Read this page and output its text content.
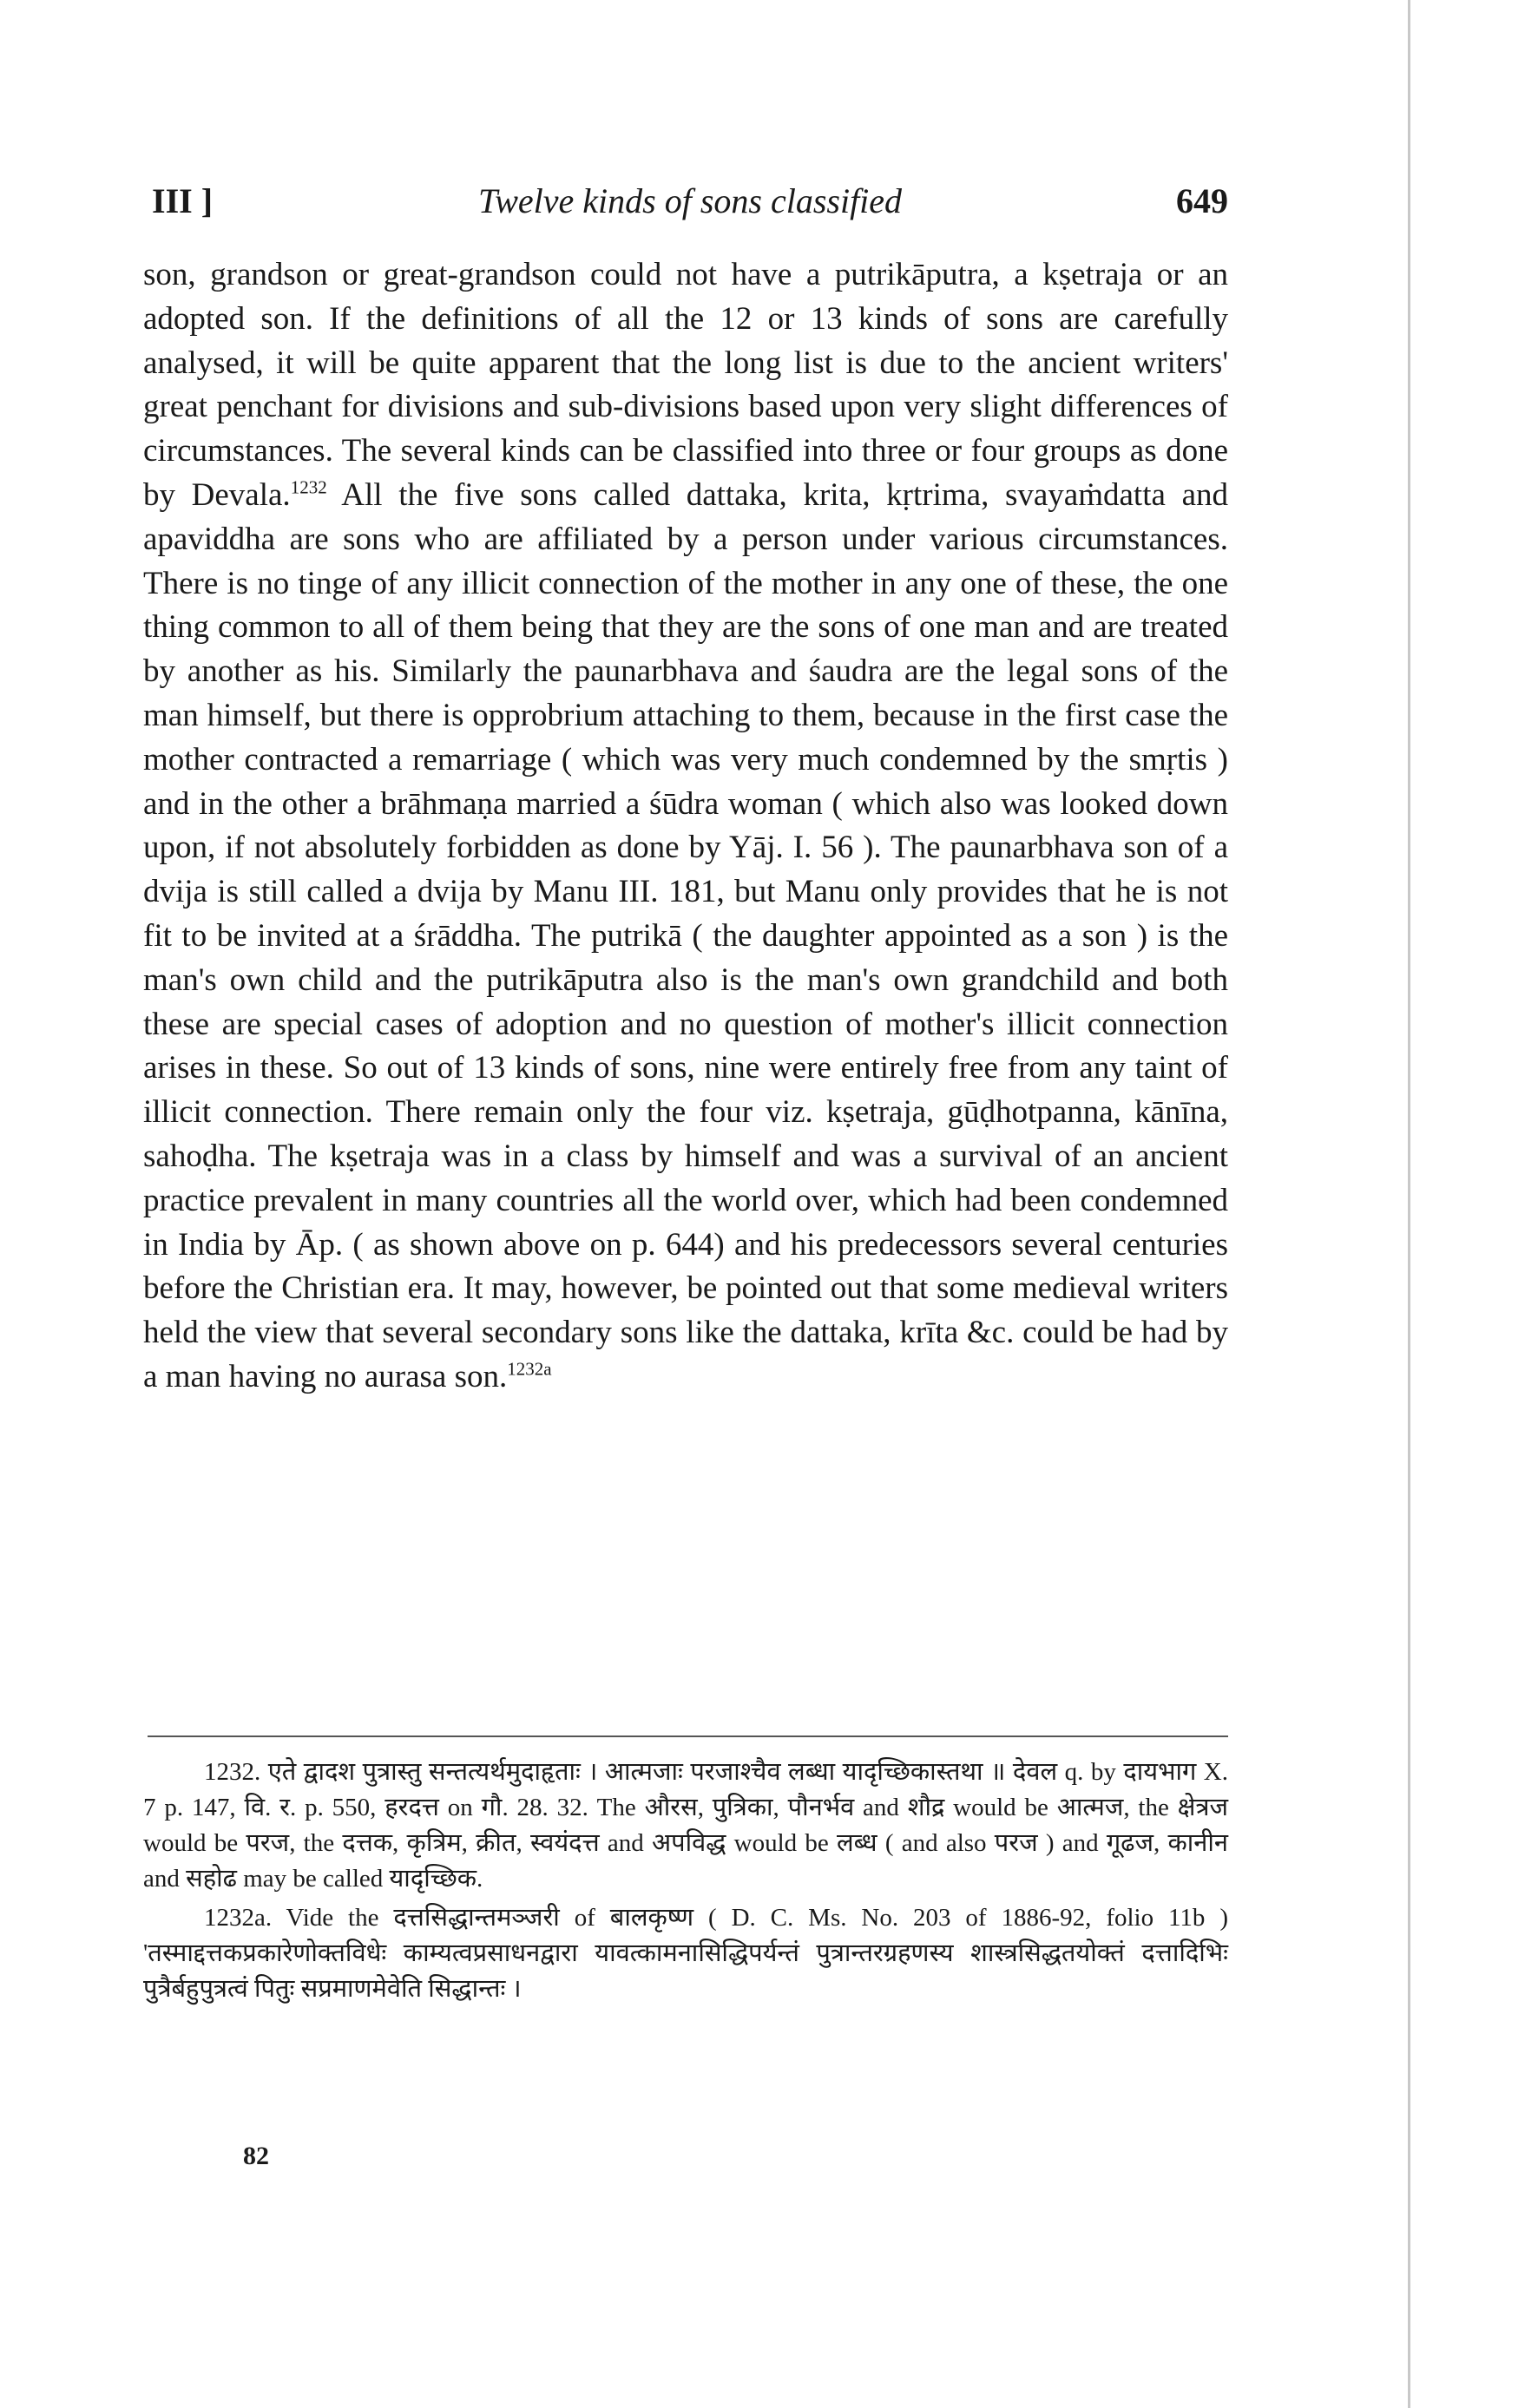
III ]	Twelve kinds of sons classified	649

son, grandson or great-grandson could not have a putrikāputra, a kṣetraja or an adopted son. If the definitions of all the 12 or 13 kinds of sons are carefully analysed, it will be quite apparent that the long list is due to the ancient writers' great penchant for divisions and sub-divisions based upon very slight differences of circumstances. The several kinds can be classified into three or four groups as done by Devala.$^{1232}$ All the five sons called dattaka, krita, kṛtrima, svayaṁdatta and apaviddha are sons who are affiliated by a person under various circumstances. There is no tinge of any illicit connection of the mother in any one of these, the one thing common to all of them being that they are the sons of one man and are treated by another as his. Similarly the paunarbhava and śaudra are the legal sons of the man himself, but there is opprobrium attaching to them, because in the first case the mother contracted a remarriage ( which was very much condemned by the smṛtis ) and in the other a brāhmaṇa married a śūdra woman ( which also was looked down upon, if not absolutely forbidden as done by Yāj. I. 56 ). The paunarbhava son of a dvija is still called a dvija by Manu III. 181, but Manu only provides that he is not fit to be invited at a śrāddha. The putrikā ( the daughter appointed as a son ) is the man's own child and the putrikāputra also is the man's own grandchild and both these are special cases of adoption and no question of mother's illicit connection arises in these. So out of 13 kinds of sons, nine were entirely free from any taint of illicit connection. There remain only the four viz. kṣetraja, gūḍhotpanna, kānīna, sahoḍha. The kṣetraja was in a class by himself and was a survival of an ancient practice prevalent in many countries all the world over, which had been condemned in India by Āp. ( as shown above on p. 644) and his predecessors several centuries before the Christian era. It may, however, be pointed out that some medieval writers held the view that several secondary sons like the dattaka, krīta &c. could be had by a man having no aurasa son.$^{1232a}$

1232. एते द्वादश पुत्रास्तु सन्तत्यर्थमुदाहृताः । आत्मजाः परजाश्चैव लब्धा यादृच्छिकास्तथा ॥ देवल q. by दायभाग X. 7 p. 147, वि. र. p. 550, हरदत्त on गौ. 28. 32. The औरस, पुत्रिका, पौनर्भव and शौद्र would be आत्मज, the क्षेत्रज would be परज, the दत्तक, कृत्रिम, क्रीत, स्वयंदत्त and अपविद्ध would be लब्ध ( and also परज ) and गूढज, कानीन and सहोढ may be called यादृच्छिक.

1232a. Vide the दत्तसिद्धान्तमञ्जरी of बालकृष्ण ( D. C. Ms. No. 203 of 1886-92, folio 11b ) 'तस्माद्दत्तकप्रकारेणोक्तविधेः काम्यत्वप्रसाधनद्वारा यावत्कामनासिद्धिपर्यन्तं पुत्रान्तरग्रहणस्य शास्त्रसिद्धतयोक्तं दत्तादिभिः पुत्रैर्बहुपुत्रत्वं पितुः सप्रमाणमेवेति सिद्धान्तः ।

82
